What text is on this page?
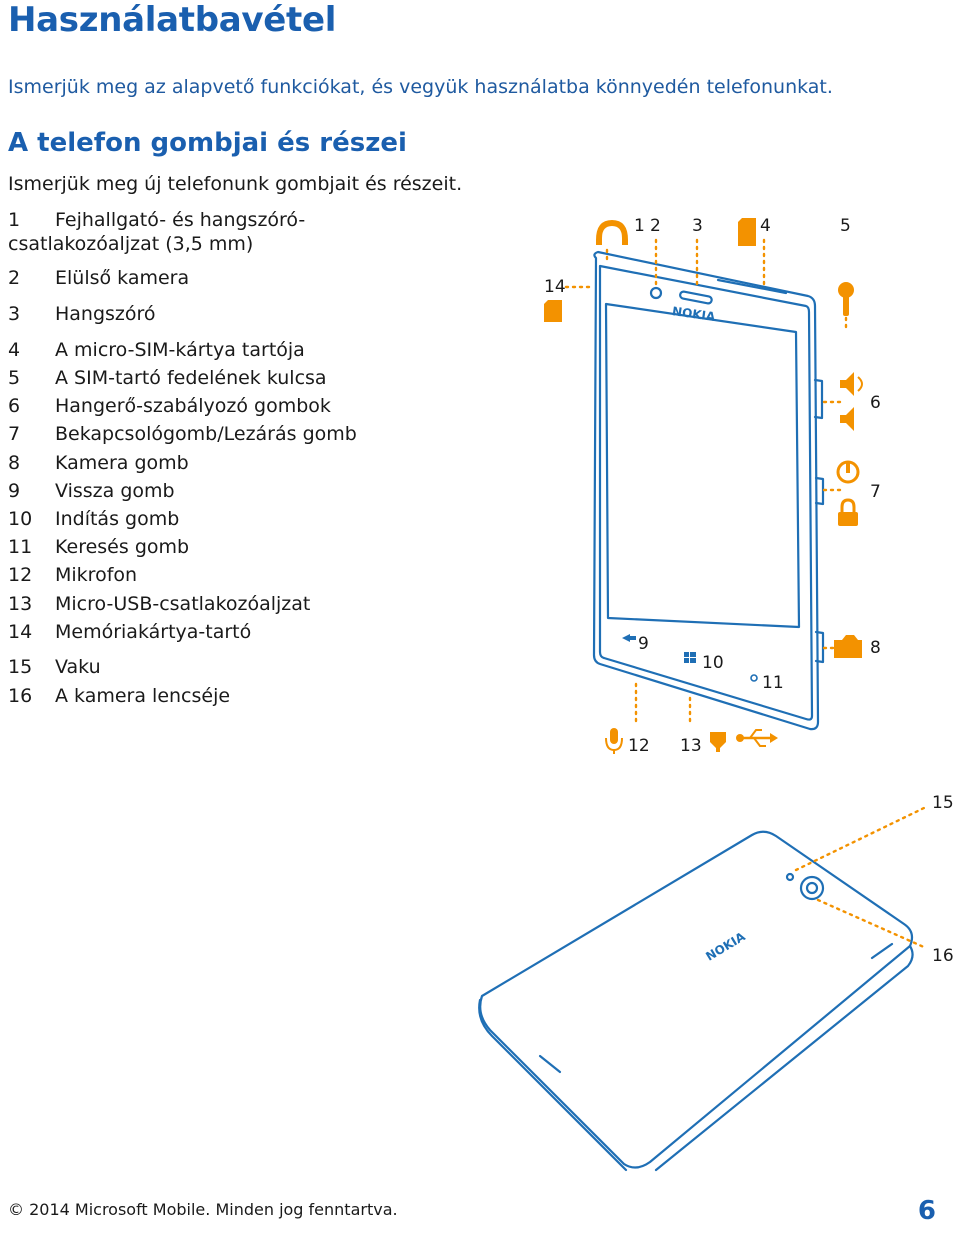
Használatbavétel
Ismerjük meg az alapvető funkciókat, és vegyük használatba könnyedén telefonunkat.
A telefon gombjai és részei
Ismerjük meg új telefonunk gombjait és részeit.
1	Fejhallgató- és hangszóró-csatlakozóaljzat (3,5 mm)
2	Elülső kamera
3	Hangszóró
4	A micro-SIM-kártya tartója
5	A SIM-tartó fedelének kulcsa
6	Hangerő-szabályozó gombok
7	Bekapcsológomb/Lezárás gomb
8	Kamera gomb
9	Vissza gomb
10	Indítás gomb
11	Keresés gomb
12	Mikrofon
13	Micro-USB-csatlakozóaljzat
14	Memóriakártya-tartó
15	Vaku
16	A kamera lencséje
NOKIA
NOKIA
1 2 3	4	5
6
7
8
9
10
11
12 13
14
15
16
© 2014 Microsoft Mobile. Minden jog fenntartva.	6
